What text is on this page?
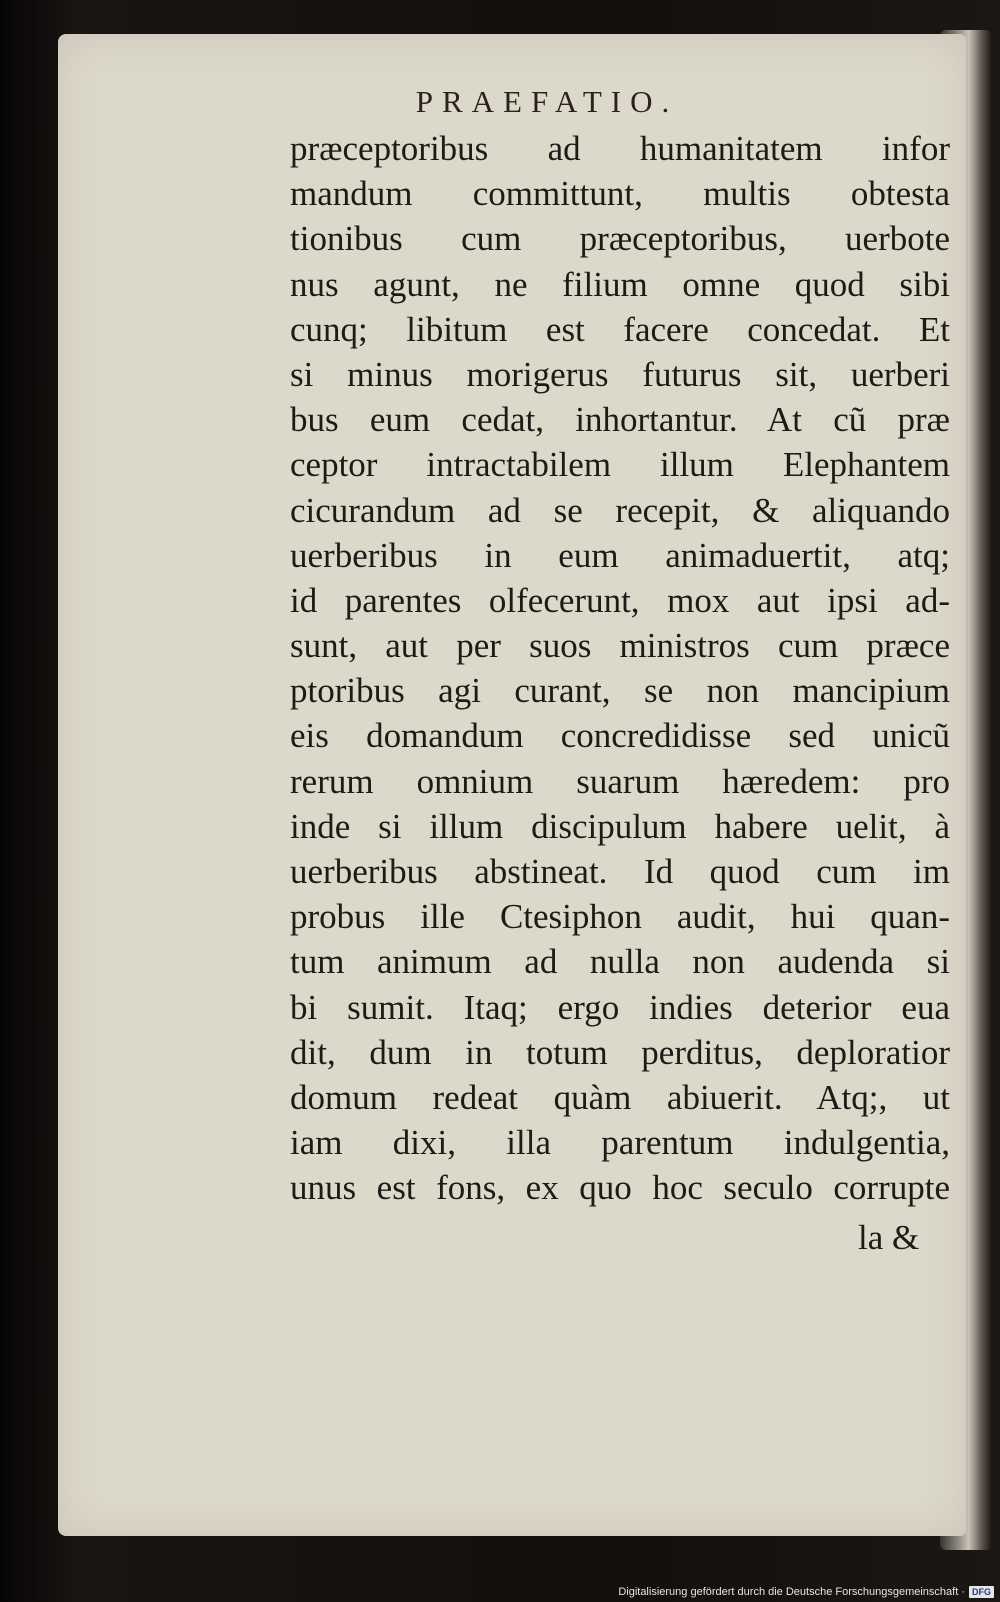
PRAEFATIO.
præceptoribus ad humanitatem infor
mandum committunt, multis obtesta
tionibus cum præceptoribus, uerbote
nus agunt, ne filium omne quod sibi
cunq; libitum est facere concedat. Et
si minus morigerus futurus sit, uerberi
bus eum cedat, inhortantur. At cũ præ
ceptor intractabilem illum Elephantem
cicurandum ad se recepit, & aliquando
uerberibus in eum animaduertit, atq;
id parentes olfecerunt, mox aut ipsi ad-
sunt, aut per suos ministros cum præce
ptoribus agi curant, se non mancipium
eis domandum concredidisse sed unicũ
rerum omnium suarum hæredem: pro
inde si illum discipulum habere uelit, à
uerberibus abstineat. Id quod cum im
probus ille Ctesiphon audit, hui quan-
tum animum ad nulla non audenda si
bi sumit. Itaq; ergo indies deterior eua
dit, dum in totum perditus, deploratior
domum redeat quàm abiuerit. Atq;, ut
iam dixi, illa parentum indulgentia,
unus est fons, ex quo hoc seculo corrupte
la &
Digitalisierung gefördert durch die Deutsche Forschungsgemeinschaft · DFG
